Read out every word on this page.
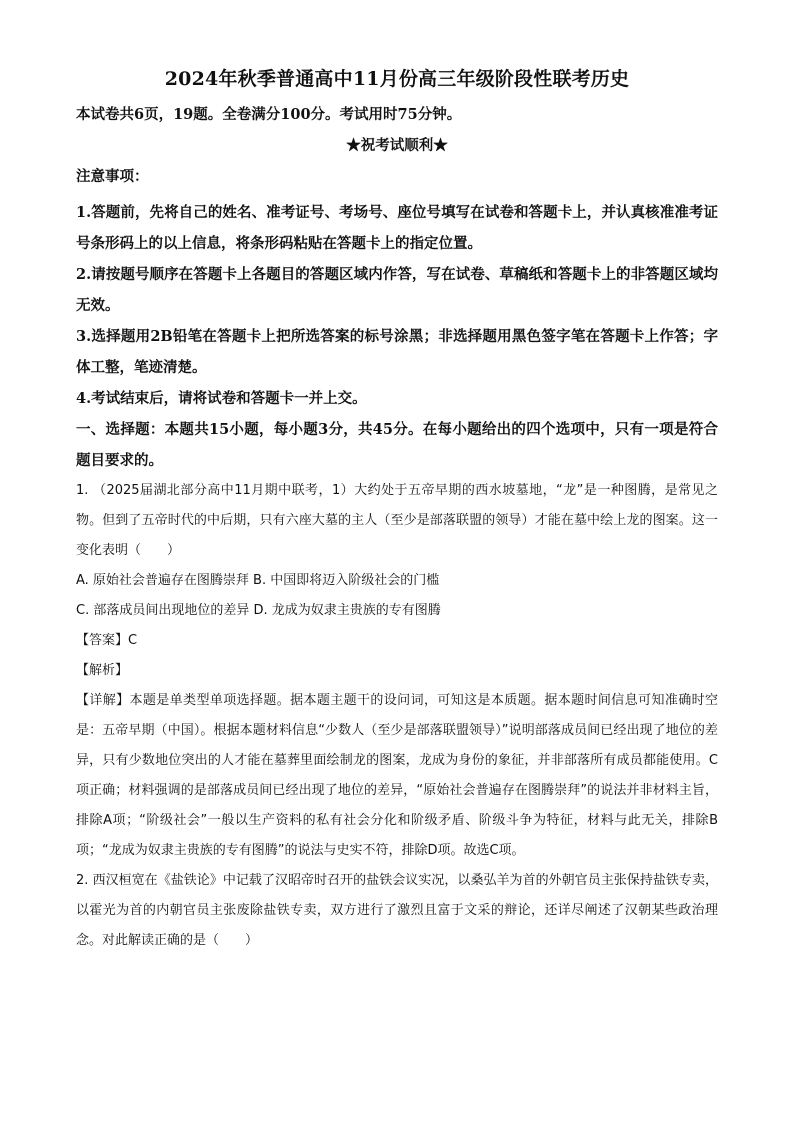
2024年秋季普通高中11月份高三年级阶段性联考历史
本试卷共6页，19题。全卷满分100分。考试用时75分钟。
★祝考试顺利★
注意事项：
1.答题前，先将自己的姓名、准考证号、考场号、座位号填写在试卷和答题卡上，并认真核准准考证号条形码上的以上信息，将条形码粘贴在答题卡上的指定位置。
2.请按题号顺序在答题卡上各题目的答题区域内作答，写在试卷、草稿纸和答题卡上的非答题区域均无效。
3.选择题用2B铅笔在答题卡上把所选答案的标号涂黑；非选择题用黑色签字笔在答题卡上作答；字体工整，笔迹清楚。
4.考试结束后，请将试卷和答题卡一并上交。
一、选择题：本题共15小题，每小题3分，共45分。在每小题给出的四个选项中，只有一项是符合题目要求的。
1. （2025届湖北部分高中11月期中联考，1）大约处于五帝早期的西水坡墓地，“龙”是一种图腾，是常见之物。但到了五帝时代的中后期，只有六座大墓的主人（至少是部落联盟的领导）才能在墓中绘上龙的图案。这一变化表明（　　）
A. 原始社会普遍存在图腾崇拜 B. 中国即将迈入阶级社会的门槛
C. 部落成员间出现地位的差异 D. 龙成为奴隶主贵族的专有图腾
【答案】C
【解析】
【详解】本题是单类型单项选择题。据本题主题干的设问词，可知这是本质题。据本题时间信息可知准确时空是：五帝早期（中国）。根据本题材料信息“少数人（至少是部落联盟领导）”说明部落成员间已经出现了地位的差异，只有少数地位突出的人才能在墓葬里面绘制龙的图案，龙成为身份的象征，并非部落所有成员都能使用。C项正确；材料强调的是部落成员间已经出现了地位的差异，“原始社会普遍存在图腾崇拜”的说法并非材料主旨，排除A项；“阶级社会”一般以生产资料的私有社会分化和阶级矛盾、阶级斗争为特征，材料与此无关，排除B项；“龙成为奴隶主贵族的专有图腾”的说法与史实不符，排除D项。故选C项。
2. 西汉桓宽在《盐铁论》中记载了汉昭帝时召开的盐铁会议实况，以桑弘羊为首的外朝官员主张保持盐铁专卖，以霍光为首的内朝官员主张废除盐铁专卖，双方进行了激烈且富于文采的辩论，还详尽阐述了汉朝某些政治理念。对此解读正确的是（　　）
